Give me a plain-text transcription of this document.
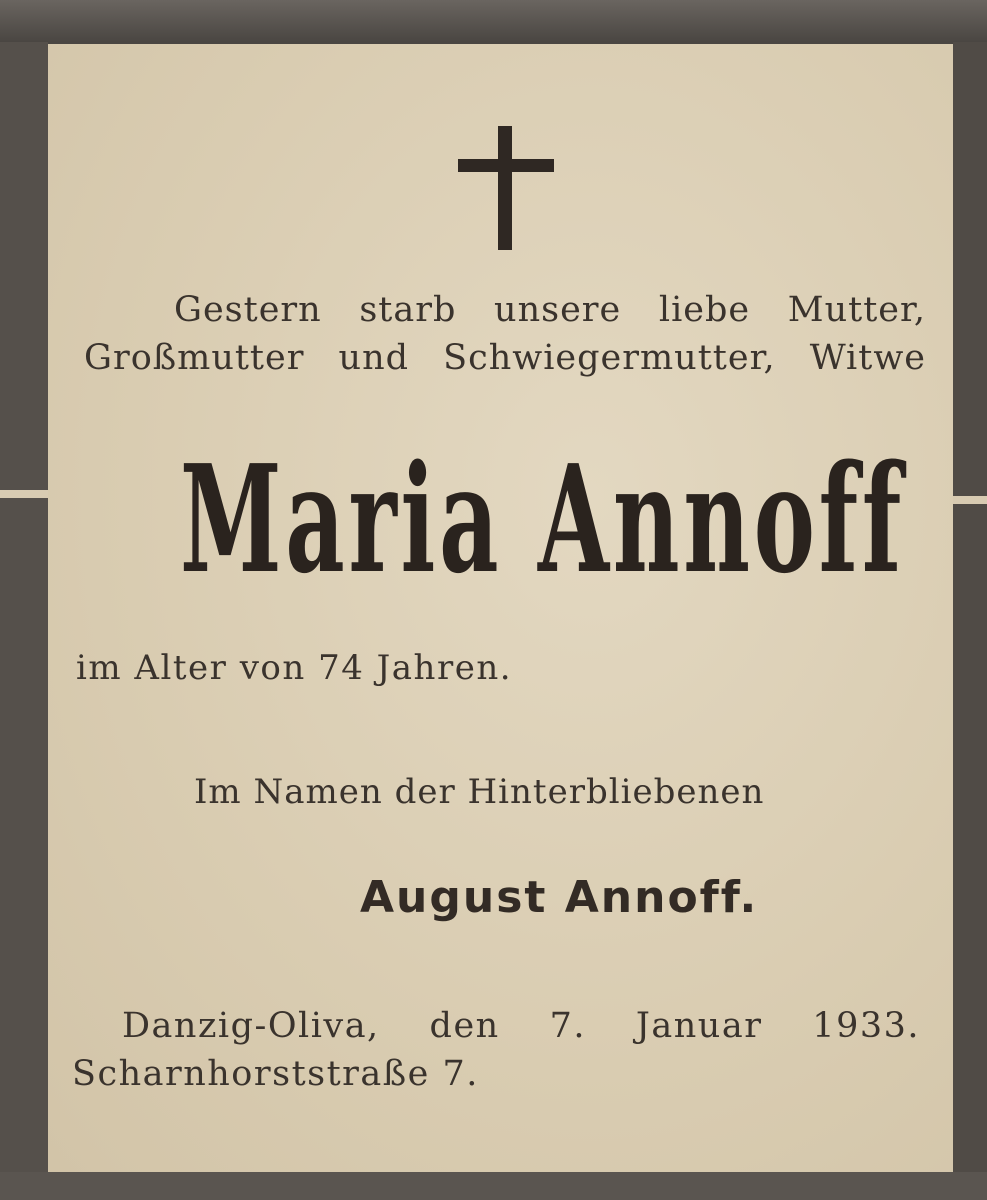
Gestern starb unsere liebe Mutter,
Großmutter und Schwiegermutter, Witwe
Maria Annoff
im Alter von 74 Jahren.
Im Namen der Hinterbliebenen
August Annoff.
Danzig-Oliva, den 7. Januar 1933.
Scharnhorststraße 7.
